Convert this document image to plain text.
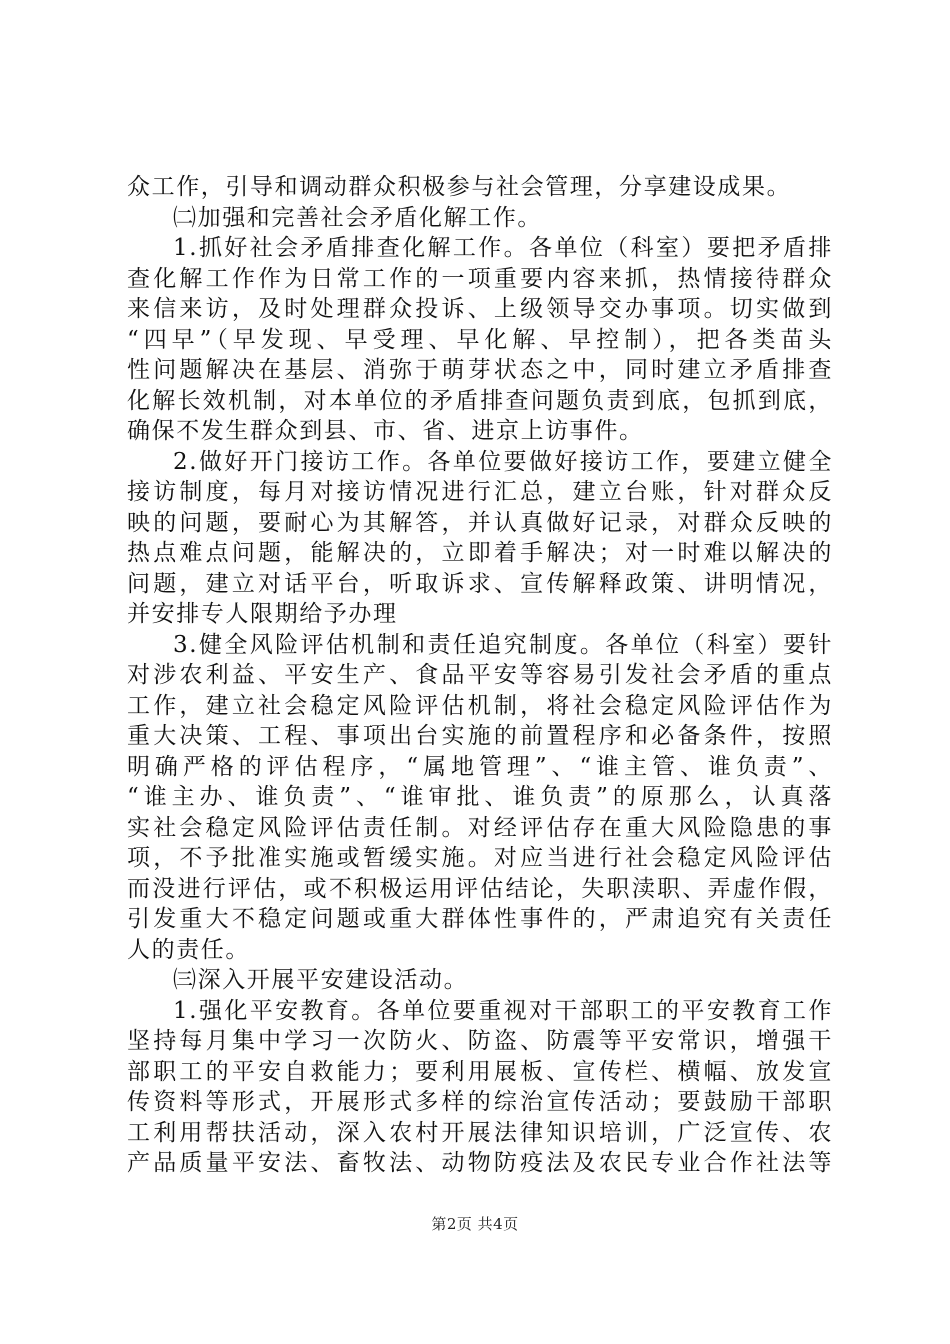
众工作，引导和调动群众积极参与社会管理，分享建设成果。
㈡加强和完善社会矛盾化解工作。
1.抓好社会矛盾排查化解工作。各单位（科室）要把矛盾排
查化解工作作为日常工作的一项重要内容来抓，热情接待群众
来信来访，及时处理群众投诉、上级领导交办事项。切实做到
“四早”（早发现、早受理、早化解、早控制），把各类苗头
性问题解决在基层、消弥于萌芽状态之中，同时建立矛盾排查
化解长效机制，对本单位的矛盾排查问题负责到底，包抓到底，
确保不发生群众到县、市、省、进京上访事件。
2.做好开门接访工作。各单位要做好接访工作，要建立健全
接访制度，每月对接访情况进行汇总，建立台账，针对群众反
映的问题，要耐心为其解答，并认真做好记录，对群众反映的
热点难点问题，能解决的，立即着手解决；对一时难以解决的
问题，建立对话平台，听取诉求、宣传解释政策、讲明情况，
并安排专人限期给予办理
3.健全风险评估机制和责任追究制度。各单位（科室）要针
对涉农利益、平安生产、食品平安等容易引发社会矛盾的重点
工作，建立社会稳定风险评估机制，将社会稳定风险评估作为
重大决策、工程、事项出台实施的前置程序和必备条件，按照
明确严格的评估程序，“属地管理”、“谁主管、谁负责”、
“谁主办、谁负责”、“谁审批、谁负责”的原那么，认真落
实社会稳定风险评估责任制。对经评估存在重大风险隐患的事
项，不予批准实施或暂缓实施。对应当进行社会稳定风险评估
而没进行评估，或不积极运用评估结论，失职渎职、弄虚作假，
引发重大不稳定问题或重大群体性事件的，严肃追究有关责任
人的责任。
㈢深入开展平安建设活动。
1.强化平安教育。各单位要重视对干部职工的平安教育工作
坚持每月集中学习一次防火、防盗、防震等平安常识，增强干
部职工的平安自救能力；要利用展板、宣传栏、横幅、放发宣
传资料等形式，开展形式多样的综治宣传活动；要鼓励干部职
工利用帮扶活动，深入农村开展法律知识培训，广泛宣传、农
产品质量平安法、畜牧法、动物防疫法及农民专业合作社法等
第2页 共4页
